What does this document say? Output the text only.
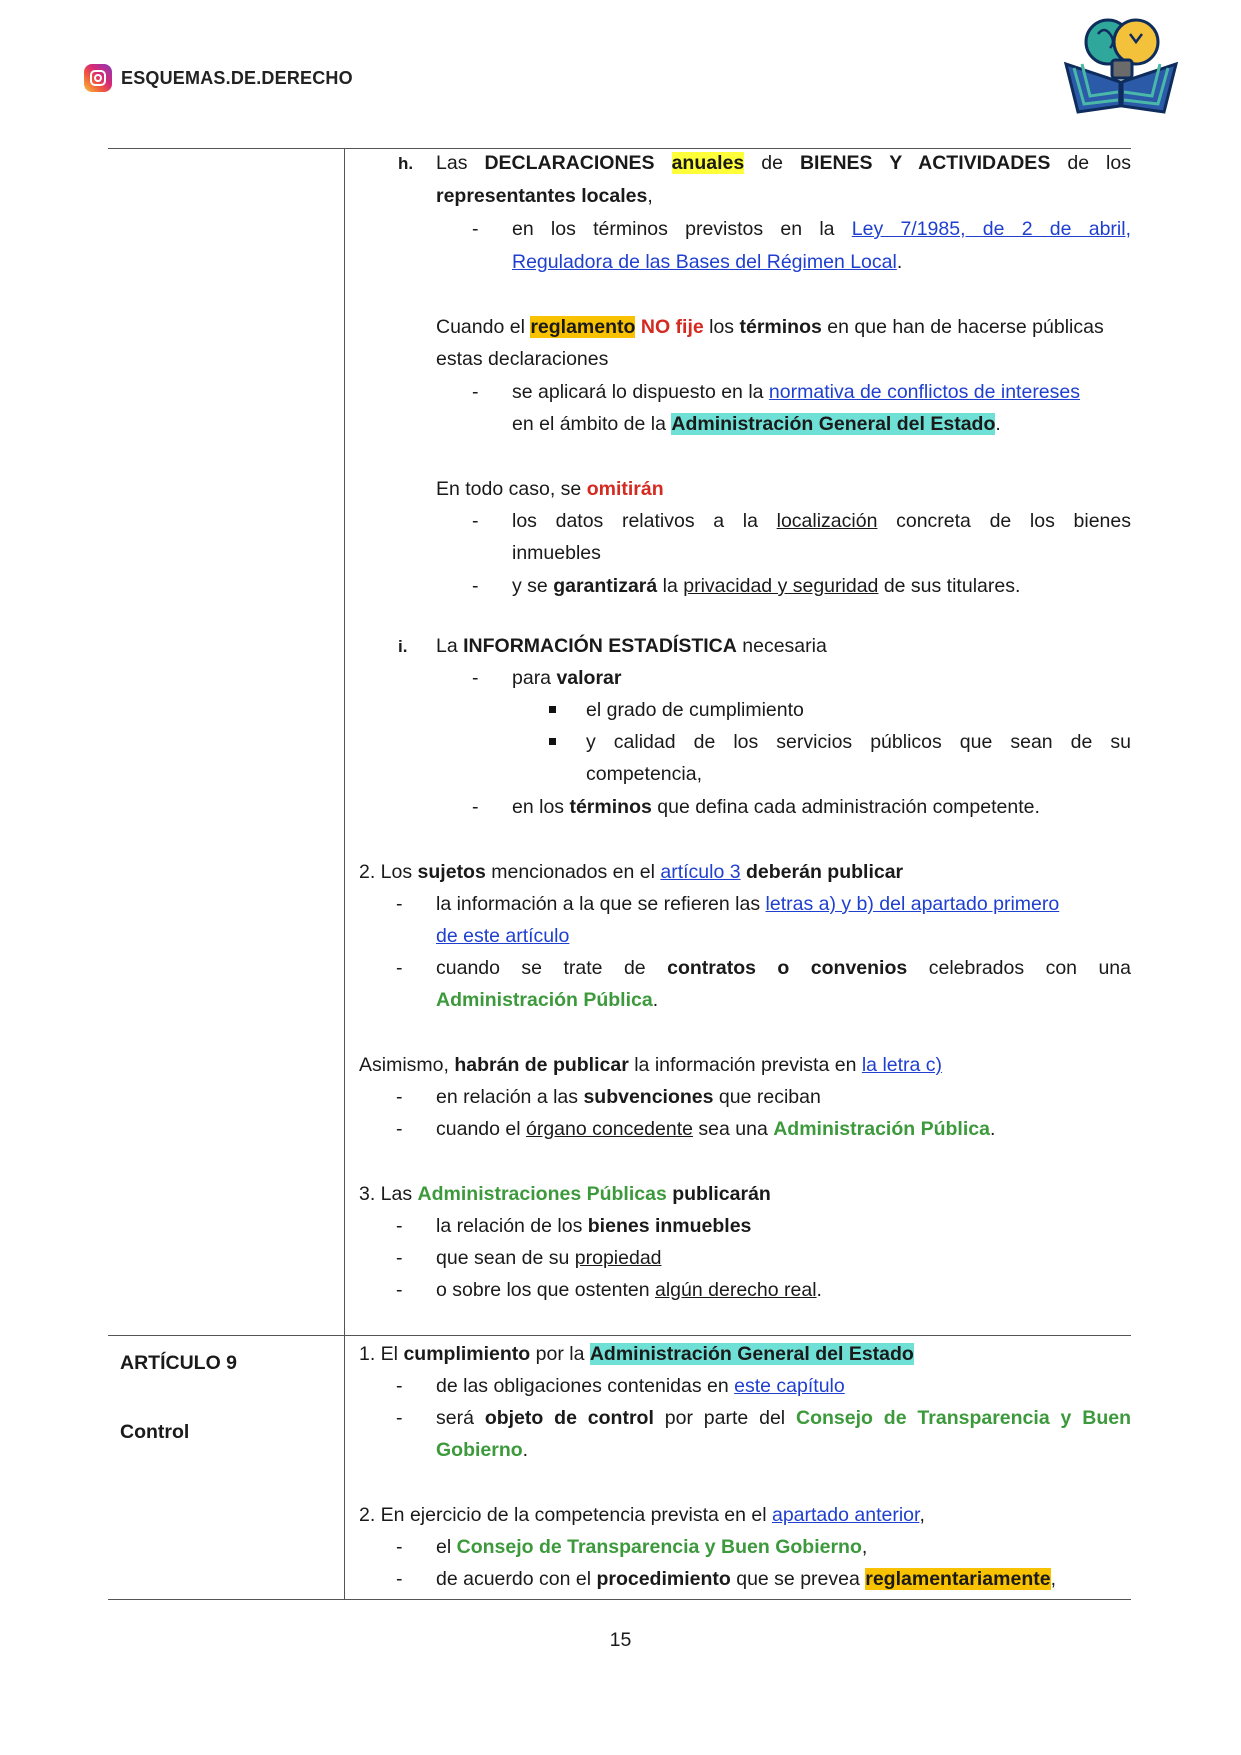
ESQUEMAS.DE.DERECHO
h. Las DECLARACIONES anuales de BIENES Y ACTIVIDADES de los
representantes locales,
- en los términos previstos en la Ley 7/1985, de 2 de abril,
Reguladora de las Bases del Régimen Local.
Cuando el reglamento NO fije los términos en que han de hacerse públicas
estas declaraciones
- se aplicará lo dispuesto en la normativa de conflictos de intereses
en el ámbito de la Administración General del Estado.
En todo caso, se omitirán
- los datos relativos a la localización concreta de los bienes
inmuebles
- y se garantizará la privacidad y seguridad de sus titulares.
i. La INFORMACIÓN ESTADÍSTICA necesaria
- para valorar
el grado de cumplimiento
y calidad de los servicios públicos que sean de su
competencia,
- en los términos que defina cada administración competente.
2. Los sujetos mencionados en el artículo 3 deberán publicar
- la información a la que se refieren las letras a) y b) del apartado primero
de este artículo
- cuando se trate de contratos o convenios celebrados con una
Administración Pública.
Asimismo, habrán de publicar la información prevista en la letra c)
- en relación a las subvenciones que reciban
- cuando el órgano concedente sea una Administración Pública.
3. Las Administraciones Públicas publicarán
- la relación de los bienes inmuebles
- que sean de su propiedad
- o sobre los que ostenten algún derecho real.
ARTÍCULO 9
Control
1. El cumplimiento por la Administración General del Estado
- de las obligaciones contenidas en este capítulo
- será objeto de control por parte del Consejo de Transparencia y Buen
Gobierno.
2. En ejercicio de la competencia prevista en el apartado anterior,
- el Consejo de Transparencia y Buen Gobierno,
- de acuerdo con el procedimiento que se prevea reglamentariamente,
15
